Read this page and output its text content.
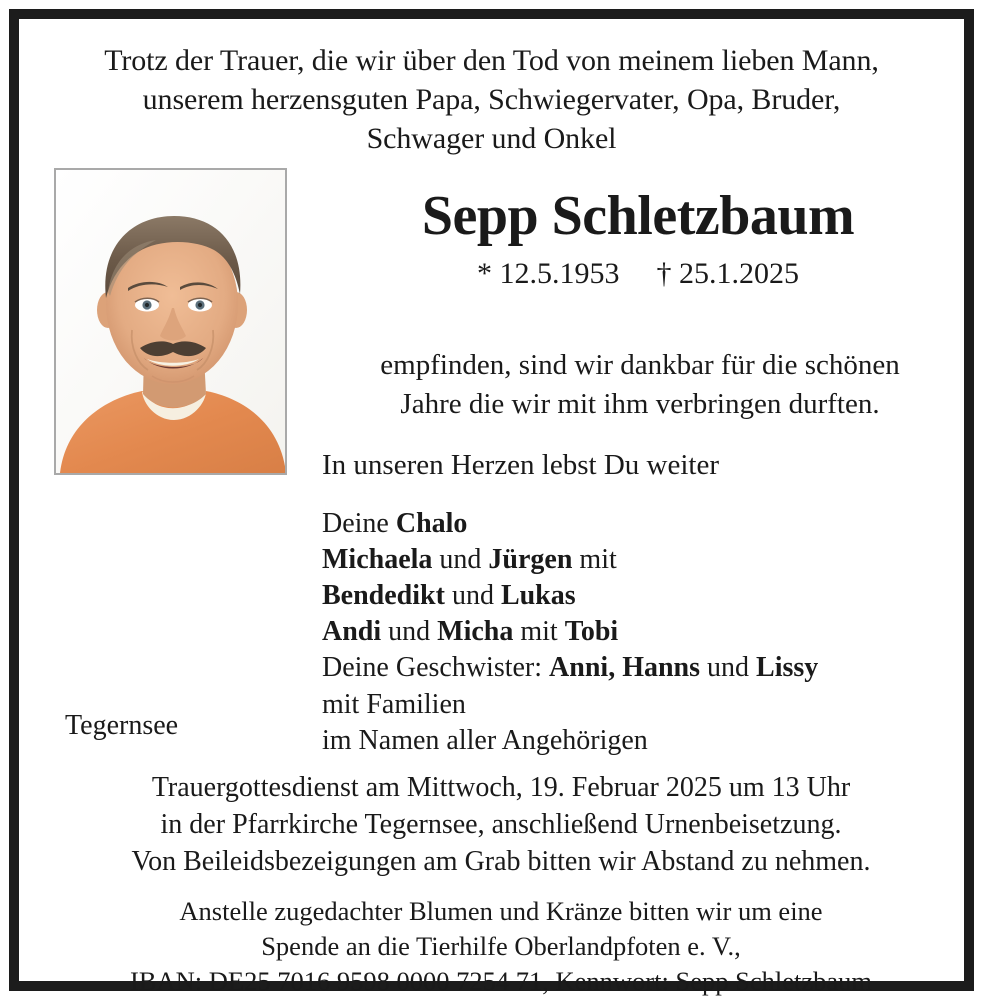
Trotz der Trauer, die wir über den Tod von meinem lieben Mann,
unserem herzensguten Papa, Schwiegervater, Opa, Bruder,
Schwager und Onkel
Sepp Schletzbaum
* 12.5.1953 † 25.1.2025
empfinden, sind wir dankbar für die schönen
Jahre die wir mit ihm verbringen durften.
In unseren Herzen lebst Du weiter
Deine Chalo
Michaela und Jürgen mit
Bendedikt und Lukas
Andi und Micha mit Tobi
Deine Geschwister: Anni, Hanns und Lissy
mit Familien
im Namen aller Angehörigen
Tegernsee
Trauergottesdienst am Mittwoch, 19. Februar 2025 um 13 Uhr
in der Pfarrkirche Tegernsee, anschließend Urnenbeisetzung.
Von Beileidsbezeigungen am Grab bitten wir Abstand zu nehmen.
Anstelle zugedachter Blumen und Kränze bitten wir um eine
Spende an die Tierhilfe Oberlandpfoten e. V.,
IBAN: DE25 7016 9598 0000 7254 71, Kennwort: Sepp Schletzbaum
